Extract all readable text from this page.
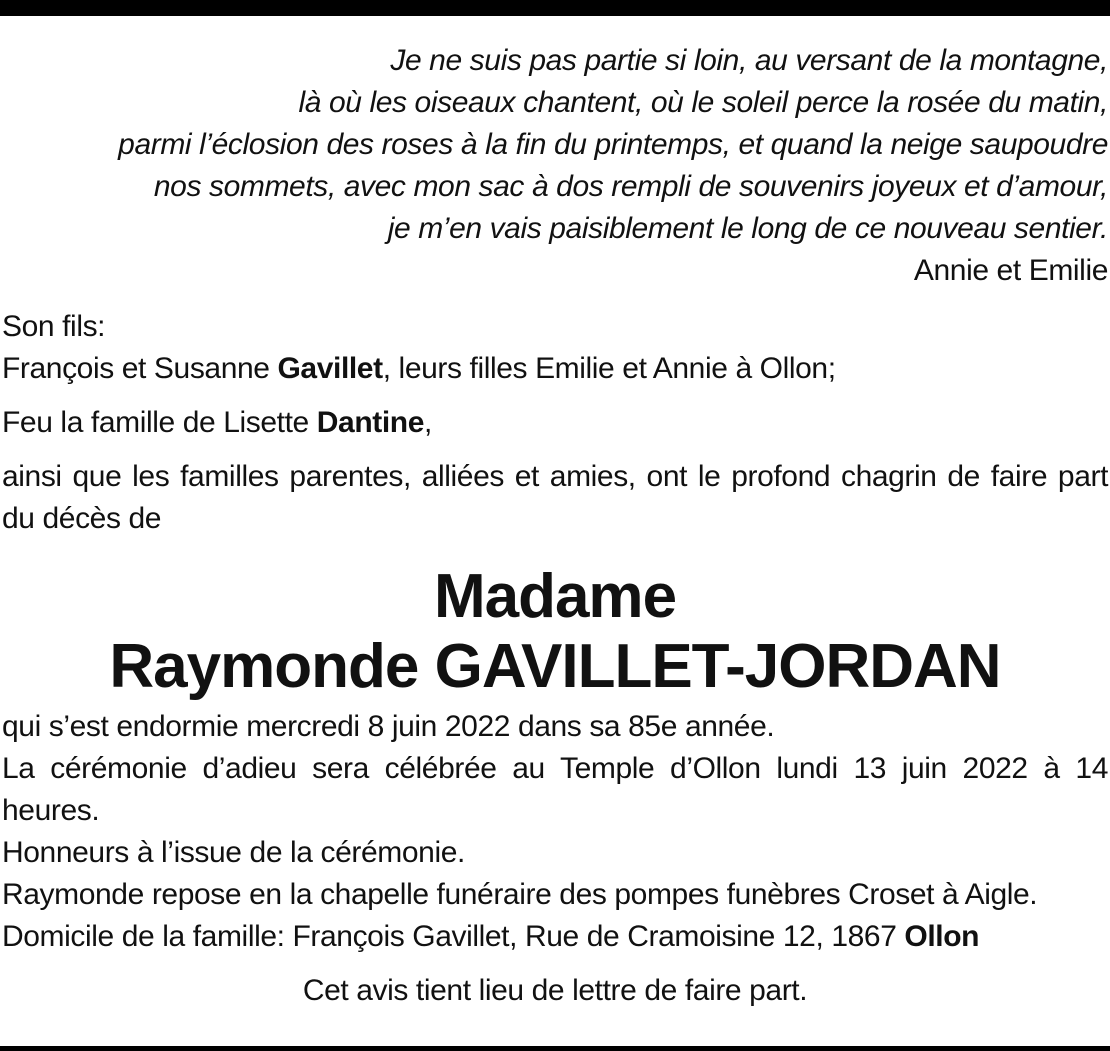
Je ne suis pas partie si loin, au versant de la montagne,
là où les oiseaux chantent, où le soleil perce la rosée du matin,
parmi l’éclosion des roses à la fin du printemps, et quand la neige saupoudre
nos sommets, avec mon sac à dos rempli de souvenirs joyeux et d’amour,
je m’en vais paisiblement le long de ce nouveau sentier.
Annie et Emilie
Son fils:
François et Susanne Gavillet, leurs filles Emilie et Annie à Ollon;
Feu la famille de Lisette Dantine,
ainsi que les familles parentes, alliées et amies, ont le profond chagrin de faire part du décès de
Madame
Raymonde GAVILLET-JORDAN
qui s’est endormie mercredi 8 juin 2022 dans sa 85e année.
La cérémonie d’adieu sera célébrée au Temple d’Ollon lundi 13 juin 2022 à 14 heures.
Honneurs à l’issue de la cérémonie.
Raymonde repose en la chapelle funéraire des pompes funèbres Croset à Aigle.
Domicile de la famille: François Gavillet, Rue de Cramoisine 12, 1867 Ollon
Cet avis tient lieu de lettre de faire part.
